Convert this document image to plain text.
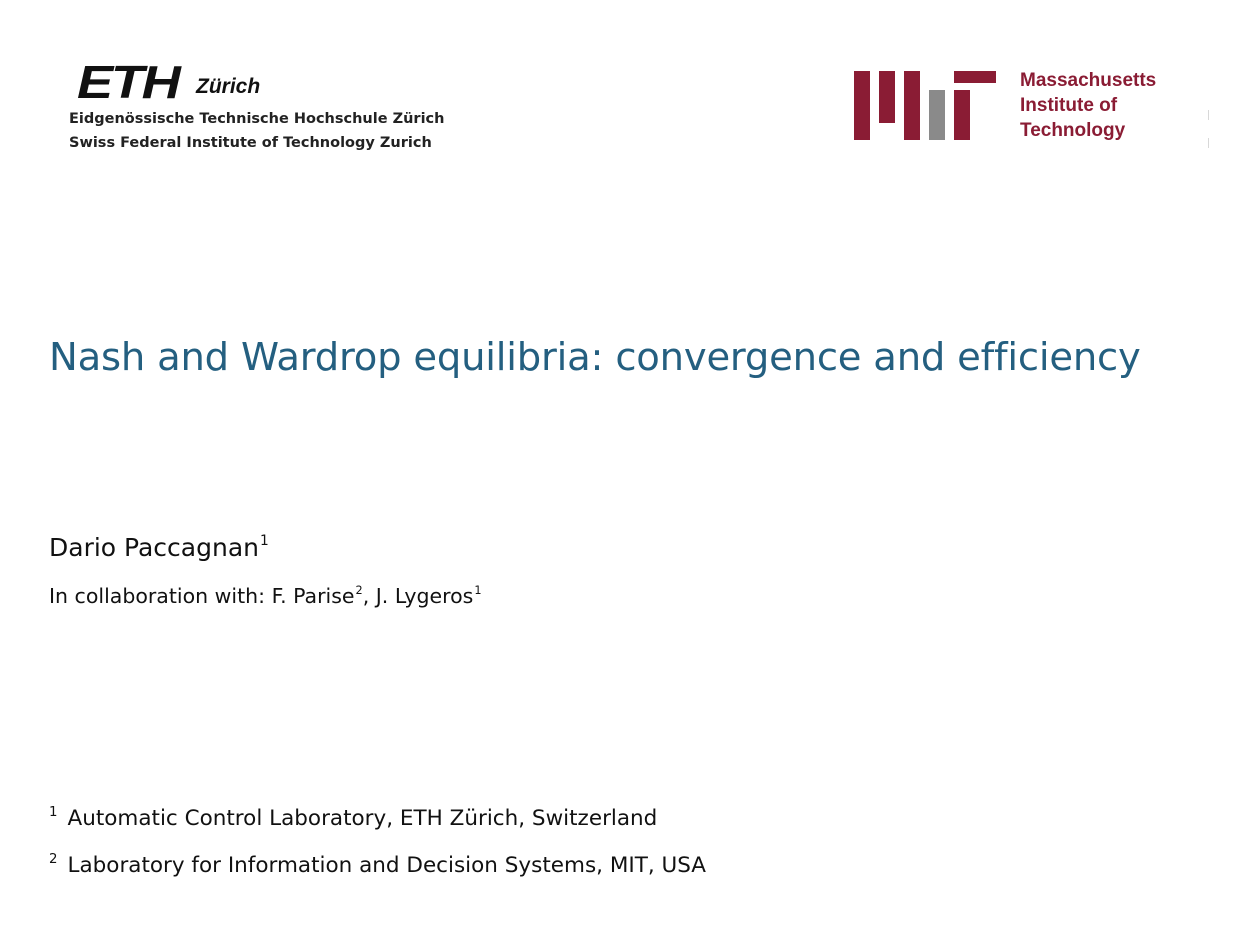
ETH Zürich
Eidgenössische Technische Hochschule Zürich
Swiss Federal Institute of Technology Zurich
Massachusetts
Institute of
Technology
Nash and Wardrop equilibria: convergence and efficiency
Dario Paccagnan$^1$
In collaboration with: F. Parise$^2$, J. Lygeros$^1$
$^1$ Automatic Control Laboratory, ETH Zürich, Switzerland
$^2$ Laboratory for Information and Decision Systems, MIT, USA
